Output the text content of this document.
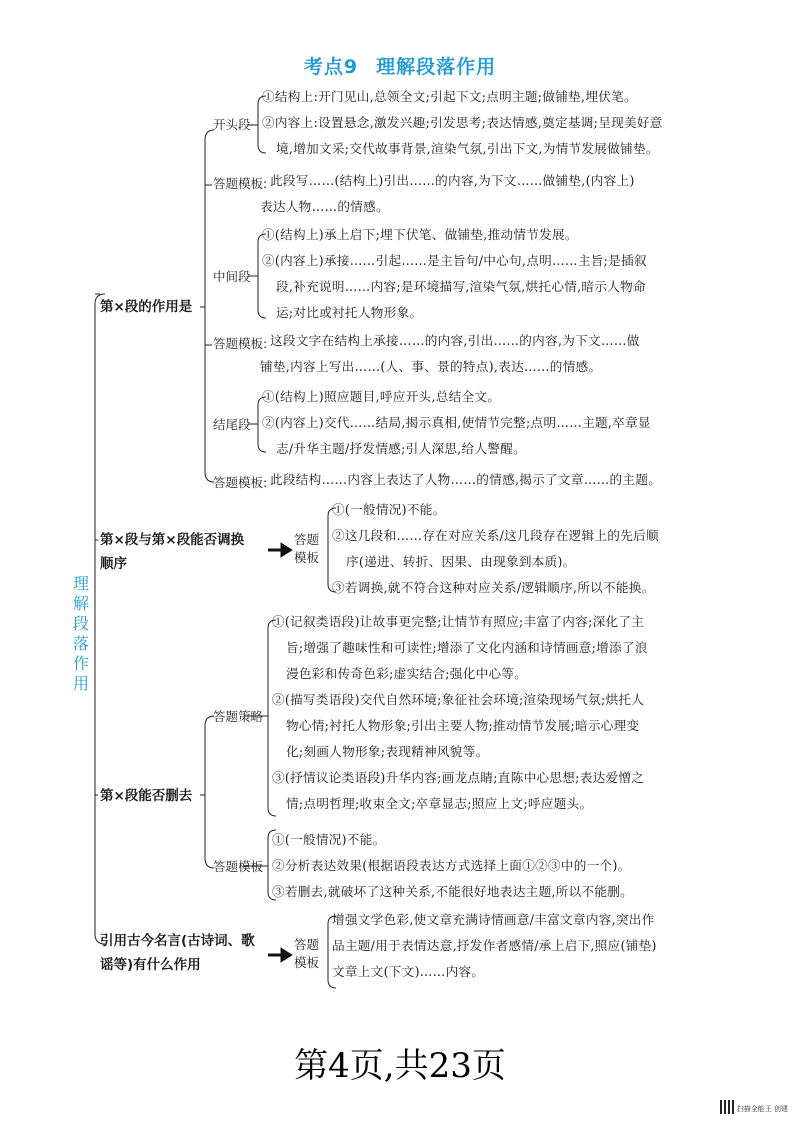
考点9 理解段落作用
理解段落作用
第×段的作用是
开头段
①结构上:开门见山,总领全文;引起下文;点明主题;做铺垫,埋伏笔。
②内容上:设置悬念,激发兴趣;引发思考;表达情感,奠定基调;呈现美好意
境,增加文采;交代故事背景,渲染气氛,引出下文,为情节发展做铺垫。
答题模板: 此段写……(结构上)引出……的内容,为下文……做铺垫,(内容上)
表达人物……的情感。
中间段
①(结构上)承上启下;埋下伏笔、做铺垫,推动情节发展。
②(内容上)承接……引起……是主旨句/中心句,点明……主旨;是插叙
段,补充说明……内容;是环境描写,渲染气氛,烘托心情,暗示人物命
运;对比或衬托人物形象。
答题模板: 这段文字在结构上承接……的内容,引出……的内容,为下文……做
铺垫,内容上写出……(人、事、景的特点),表达……的情感。
结尾段
①(结构上)照应题目,呼应开头,总结全文。
②(内容上)交代……结局,揭示真相,使情节完整;点明……主题,卒章显
志/升华主题/抒发情感;引人深思,给人警醒。
答题模板: 此段结构……内容上表达了人物……的情感,揭示了文章……的主题。
第×段与第×段能否调换
顺序
答题
模板
①(一般情况)不能。
②这几段和……存在对应关系/这几段存在逻辑上的先后顺
序(递进、转折、因果、由现象到本质)。
③若调换,就不符合这种对应关系/逻辑顺序,所以不能换。
第×段能否删去
答题策略
①(记叙类语段)让故事更完整;让情节有照应;丰富了内容;深化了主
旨;增强了趣味性和可读性;增添了文化内涵和诗情画意;增添了浪
漫色彩和传奇色彩;虚实结合;强化中心等。
②(描写类语段)交代自然环境;象征社会环境;渲染现场气氛;烘托人
物心情;衬托人物形象;引出主要人物;推动情节发展;暗示心理变
化;刻画人物形象;表现精神风貌等。
③(抒情议论类语段)升华内容;画龙点睛;直陈中心思想;表达爱憎之
情;点明哲理;收束全文;卒章显志;照应上文;呼应题头。
答题模板
①(一般情况)不能。
②分析表达效果(根据语段表达方式选择上面①②③中的一个)。
③若删去,就破坏了这种关系,不能很好地表达主题,所以不能删。
引用古今名言(古诗词、歌
谣等)有什么作用
答题
模板
增强文学色彩,使文章充满诗情画意/丰富文章内容,突出作
品主题/用于表情达意,抒发作者感情/承上启下,照应(铺垫)
文章上文(下文)……内容。
第4页,共23页
扫描全能王 创建
